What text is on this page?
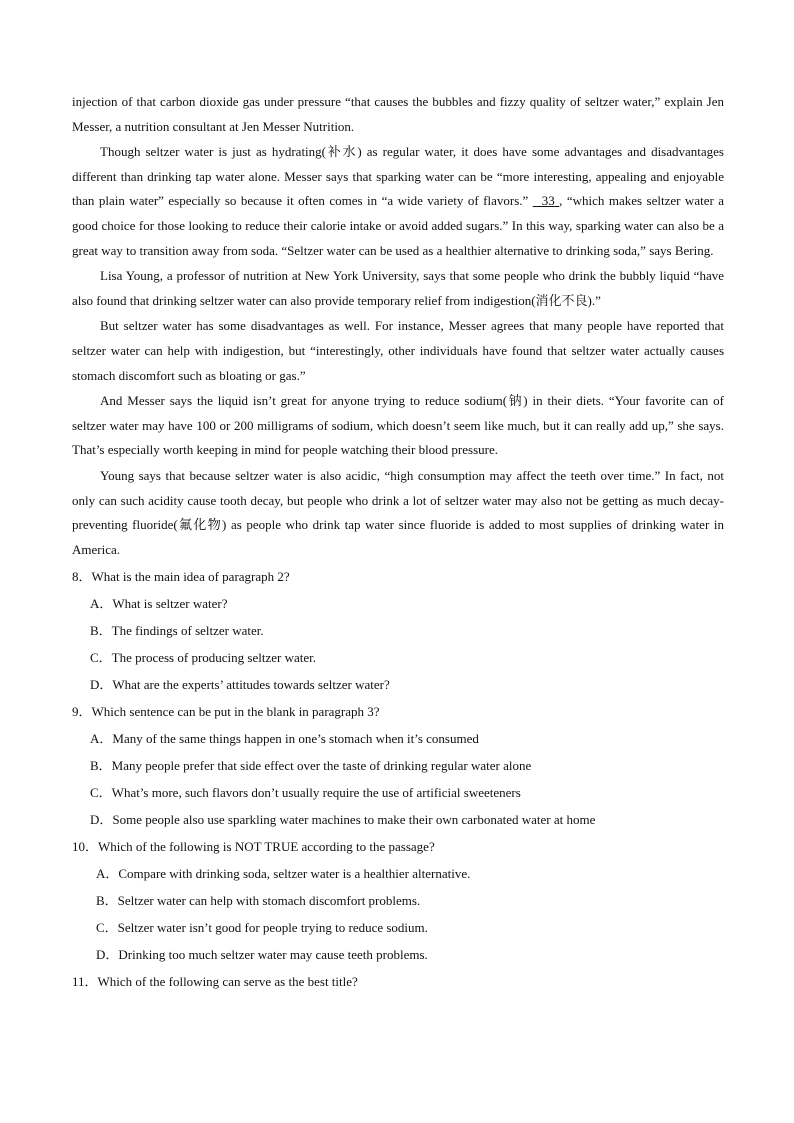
injection of that carbon dioxide gas under pressure “that causes the bubbles and fizzy quality of seltzer water,” explain Jen Messer, a nutrition consultant at Jen Messer Nutrition.

Though seltzer water is just as hydrating(补水) as regular water, it does have some advantages and disadvantages different than drinking tap water alone. Messer says that sparking water can be “more interesting, appealing and enjoyable than plain water” especially so because it often comes in “a wide variety of flavors.” 33 , “which makes seltzer water a good choice for those looking to reduce their calorie intake or avoid added sugars.” In this way, sparking water can also be a great way to transition away from soda. “Seltzer water can be used as a healthier alternative to drinking soda,” says Bering.

Lisa Young, a professor of nutrition at New York University, says that some people who drink the bubbly liquid “have also found that drinking seltzer water can also provide temporary relief from indigestion(消化不良).”

But seltzer water has some disadvantages as well. For instance, Messer agrees that many people have reported that seltzer water can help with indigestion, but “interestingly, other individuals have found that seltzer water actually causes stomach discomfort such as bloating or gas.”

And Messer says the liquid isn’t great for anyone trying to reduce sodium(钠) in their diets. “Your favorite can of seltzer water may have 100 or 200 milligrams of sodium, which doesn’t seem like much, but it can really add up,” she says. That’s especially worth keeping in mind for people watching their blood pressure.

Young says that because seltzer water is also acidic, “high consumption may affect the teeth over time.” In fact, not only can such acidity cause tooth decay, but people who drink a lot of seltzer water may also not be getting as much decay-preventing fluoride(氟化物) as people who drink tap water since fluoride is added to most supplies of drinking water in America.

8．What is the main idea of paragraph 2?

A．What is seltzer water?

B．The findings of seltzer water.

C．The process of producing seltzer water.

D．What are the experts’ attitudes towards seltzer water?

9．Which sentence can be put in the blank in paragraph 3?

A．Many of the same things happen in one’s stomach when it’s consumed

B．Many people prefer that side effect over the taste of drinking regular water alone

C．What’s more, such flavors don’t usually require the use of artificial sweeteners

D．Some people also use sparkling water machines to make their own carbonated water at home

10．Which of the following is NOT TRUE according to the passage?

A．Compare with drinking soda, seltzer water is a healthier alternative.

B．Seltzer water can help with stomach discomfort problems.

C．Seltzer water isn’t good for people trying to reduce sodium.

D．Drinking too much seltzer water may cause teeth problems.

11．Which of the following can serve as the best title?
